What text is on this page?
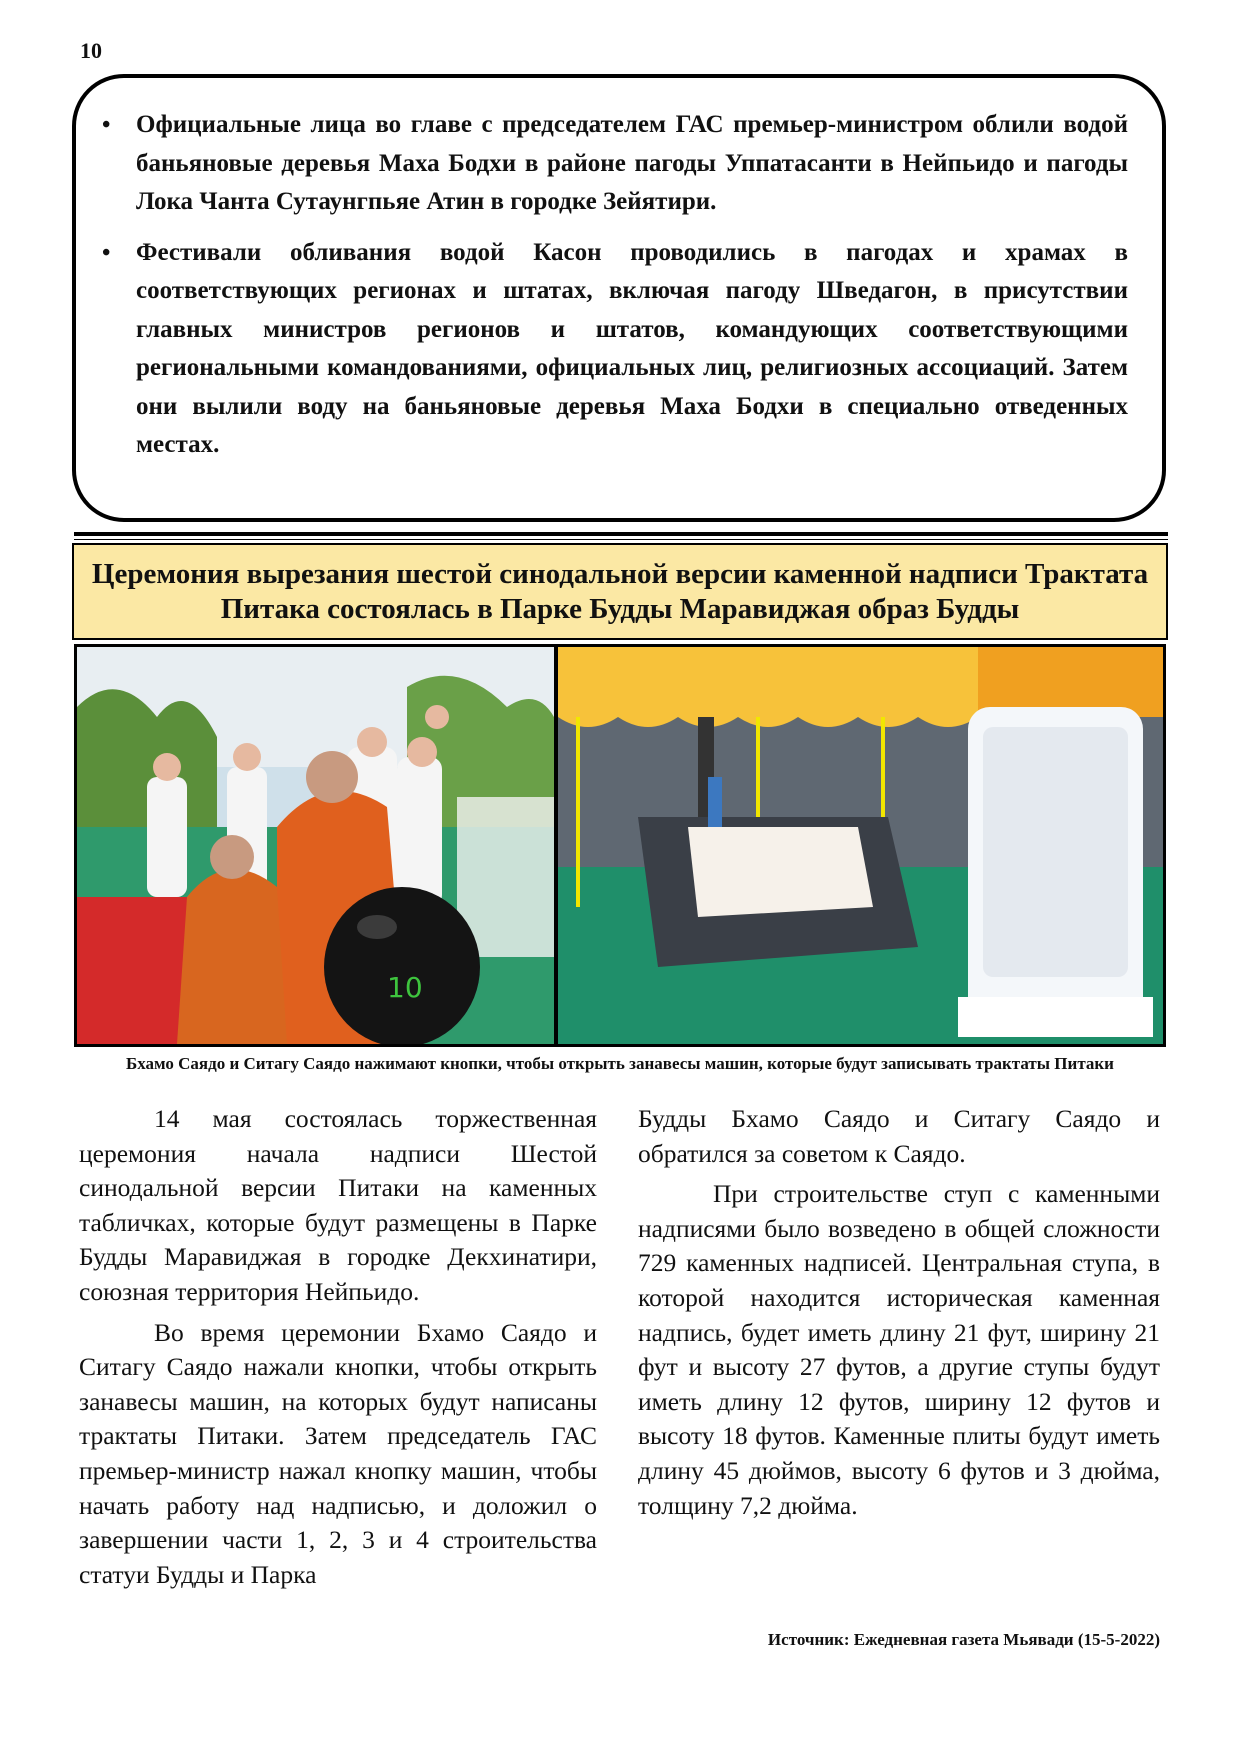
10
• Официальные лица во главе с председателем ГАС премьер-министром облили водой баньяновые деревья Маха Бодхи в районе пагоды Уппатасанти в Нейпьидо и пагоды Лока Чанта Сутаунгпьяе Атин в городке Зейятири.
• Фестивали обливания водой Касон проводились в пагодах и храмах в соответствующих регионах и штатах, включая пагоду Шведагон, в присутствии главных министров регионов и штатов, командующих соответствующими региональными командованиями, официальных лиц, религиозных ассоциаций. Затем они вылили воду на баньяновые деревья Маха Бодхи в специально отведенных местах.
Церемония вырезания шестой синодальной версии каменной надписи Трактата Питака состоялась в Парке Будды Маравиджая образ Будды
10

Бхамо Саядо и Ситагу Саядо нажимают кнопки, чтобы открыть занавесы машин, которые будут записывать трактаты Питаки

14 мая состоялась торжественная церемония начала надписи Шестой синодальной версии Питаки на каменных табличках, которые будут размещены в Парке Будды Маравиджая в городке Декхинатири, союзная территория Нейпьидо.

Во время церемонии Бхамо Саядо и Ситагу Саядо нажали кнопки, чтобы открыть занавесы машин, на которых будут написаны трактаты Питаки. Затем председатель ГАС премьер-министр нажал кнопку машин, чтобы начать работу над надписью, и доложил о завершении части 1, 2, 3 и 4 строительства статуи Будды и Парка

Будды Бхамо Саядо и Ситагу Саядо и обратился за советом к Саядо.

При строительстве ступ с каменными надписями было возведено в общей сложности 729 каменных надписей. Центральная ступа, в которой находится историческая каменная надпись, будет иметь длину 21 фут, ширину 21 фут и высоту 27 футов, а другие ступы будут иметь длину 12 футов, ширину 12 футов и высоту 18 футов. Каменные плиты будут иметь длину 45 дюймов, высоту 6 футов и 3 дюйма, толщину 7,2 дюйма.

Источник: Ежедневная газета Мьявади (15-5-2022)
